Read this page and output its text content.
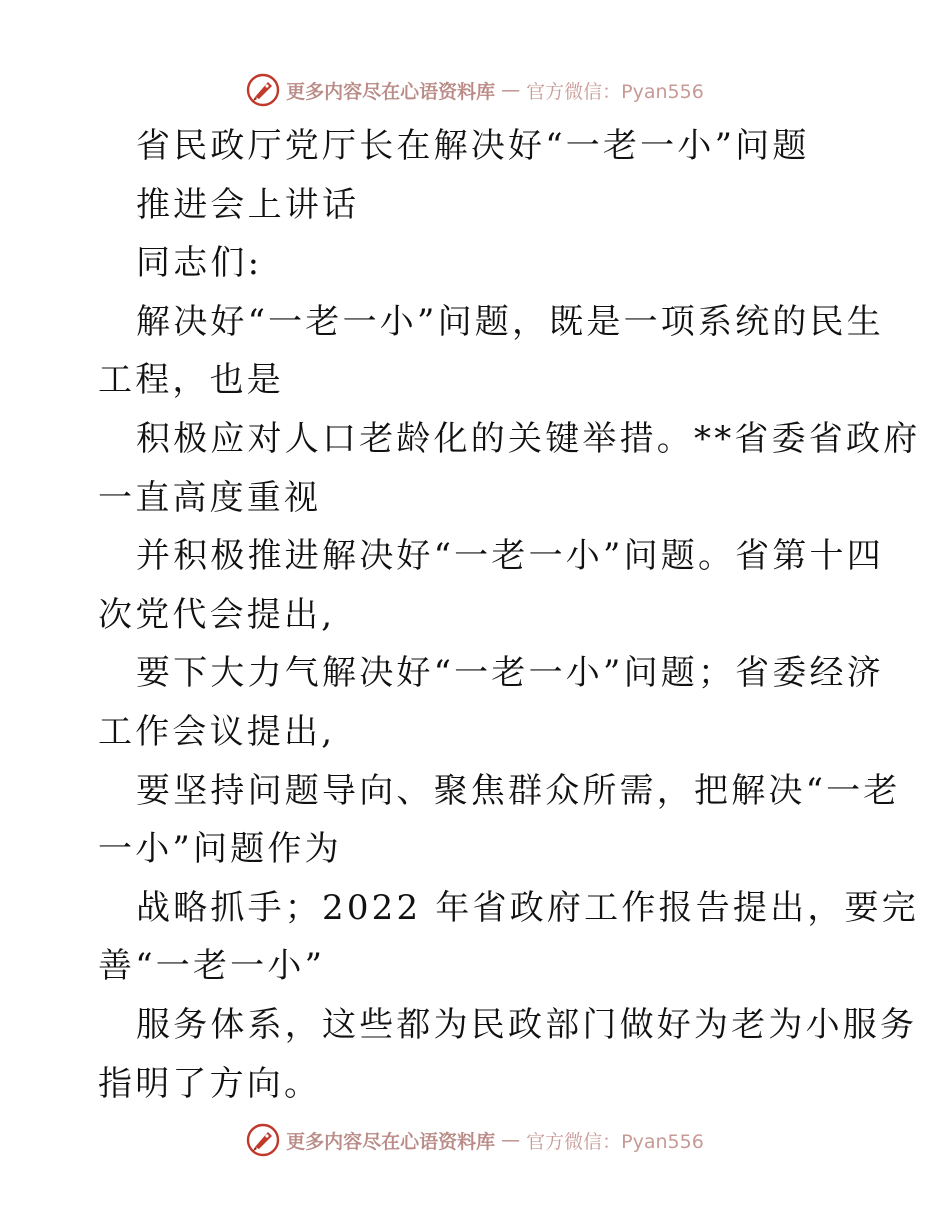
更多内容尽在心语资料库 — 官方微信：Pyan556
省民政厅党厅长在解决好“一老一小”问题
推进会上讲话
同志们:
解决好“一老一小”问题，既是一项系统的民生
工程，也是
积极应对人口老龄化的关键举措。**省委省政府
一直高度重视
并积极推进解决好“一老一小”问题。省第十四
次党代会提出,
要下大力气解决好“一老一小”问题；省委经济
工作会议提出,
要坚持问题导向、聚焦群众所需，把解决“一老
一小”问题作为
战略抓手；2022 年省政府工作报告提出，要完
善“一老一小”
服务体系，这些都为民政部门做好为老为小服务
指明了方向。
更多内容尽在心语资料库 — 官方微信：Pyan556
